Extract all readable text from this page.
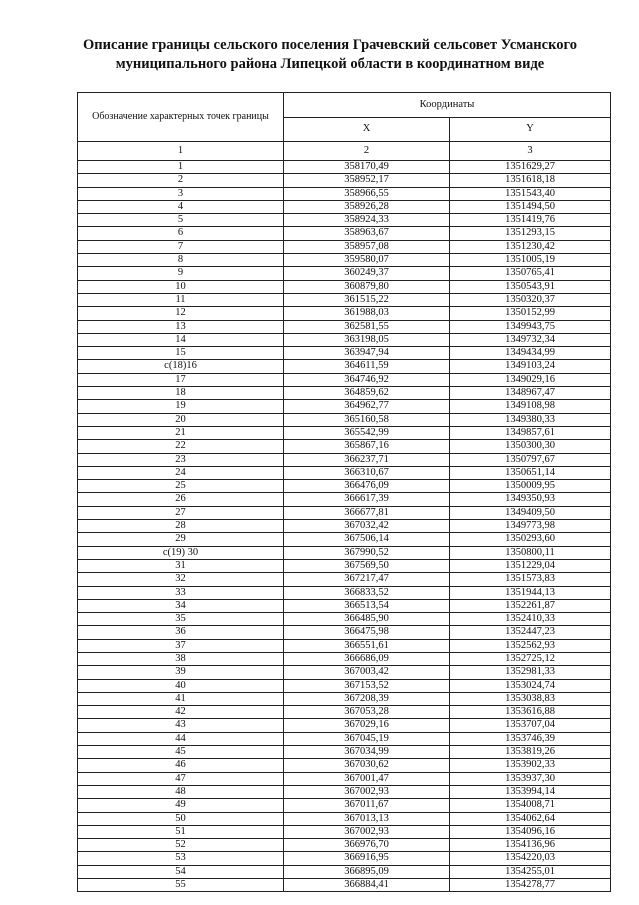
Описание границы сельского поселения Грачевский сельсовет Усманского
муниципального района Липецкой области в координатном виде
Обозначение характерных точек границы	Координаты	
	X	Y
1	2	3
1	358170,49	1351629,27
2	358952,17	1351618,18
3	358966,55	1351543,40
4	358926,28	1351494,50
5	358924,33	1351419,76
6	358963,67	1351293,15
7	358957,08	1351230,42
8	359580,07	1351005,19
9	360249,37	1350765,41
10	360879,80	1350543,91
11	361515,22	1350320,37
12	361988,03	1350152,99
13	362581,55	1349943,75
14	363198,05	1349732,34
15	363947,94	1349434,99
с(18)16	364611,59	1349103,24
17	364746,92	1349029,16
18	364859,62	1348967,47
19	364962,77	1349108,98
20	365160,58	1349380,33
21	365542,99	1349857,61
22	365867,16	1350300,30
23	366237,71	1350797,67
24	366310,67	1350651,14
25	366476,09	1350009,95
26	366617,39	1349350,93
27	366677,81	1349409,50
28	367032,42	1349773,98
29	367506,14	1350293,60
с(19) 30	367990,52	1350800,11
31	367569,50	1351229,04
32	367217,47	1351573,83
33	366833,52	1351944,13
34	366513,54	1352261,87
35	366485,90	1352410,33
36	366475,98	1352447,23
37	366551,61	1352562,93
38	366686,09	1352725,12
39	367003,42	1352981,33
40	367153,52	1353024,74
41	367208,39	1353038,83
42	367053,28	1353616,88
43	367029,16	1353707,04
44	367045,19	1353746,39
45	367034,99	1353819,26
46	367030,62	1353902,33
47	367001,47	1353937,30
48	367002,93	1353994,14
49	367011,67	1354008,71
50	367013,13	1354062,64
51	367002,93	1354096,16
52	366976,70	1354136,96
53	366916,95	1354220,03
54	366895,09	1354255,01
55	366884,41	1354278,77
